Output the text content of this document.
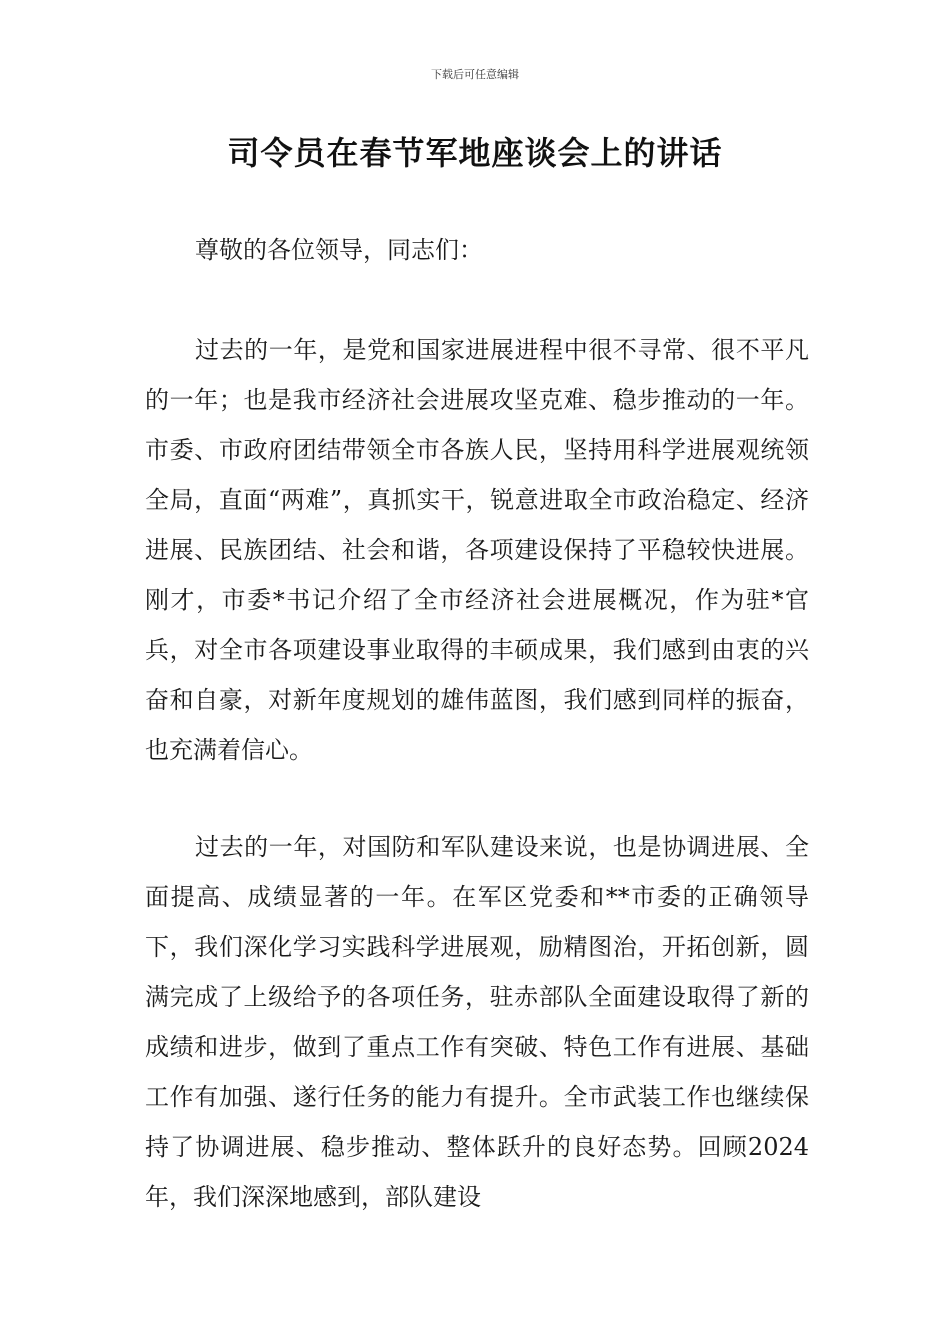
下载后可任意编辑
司令员在春节军地座谈会上的讲话

尊敬的各位领导，同志们：

过去的一年，是党和国家进展进程中很不寻常、很不平凡的一年；也是我市经济社会进展攻坚克难、稳步推动的一年。市委、市政府团结带领全市各族人民，坚持用科学进展观统领全局，直面“两难”，真抓实干，锐意进取全市政治稳定、经济进展、民族团结、社会和谐，各项建设保持了平稳较快进展。刚才，市委*书记介绍了全市经济社会进展概况，作为驻*官兵，对全市各项建设事业取得的丰硕成果，我们感到由衷的兴奋和自豪，对新年度规划的雄伟蓝图，我们感到同样的振奋，也充满着信心。

过去的一年，对国防和军队建设来说，也是协调进展、全面提高、成绩显著的一年。在军区党委和**市委的正确领导下，我们深化学习实践科学进展观，励精图治，开拓创新，圆满完成了上级给予的各项任务，驻赤部队全面建设取得了新的成绩和进步，做到了重点工作有突破、特色工作有进展、基础工作有加强、遂行任务的能力有提升。全市武装工作也继续保持了协调进展、稳步推动、整体跃升的良好态势。回顾2024年，我们深深地感到，部队建设
